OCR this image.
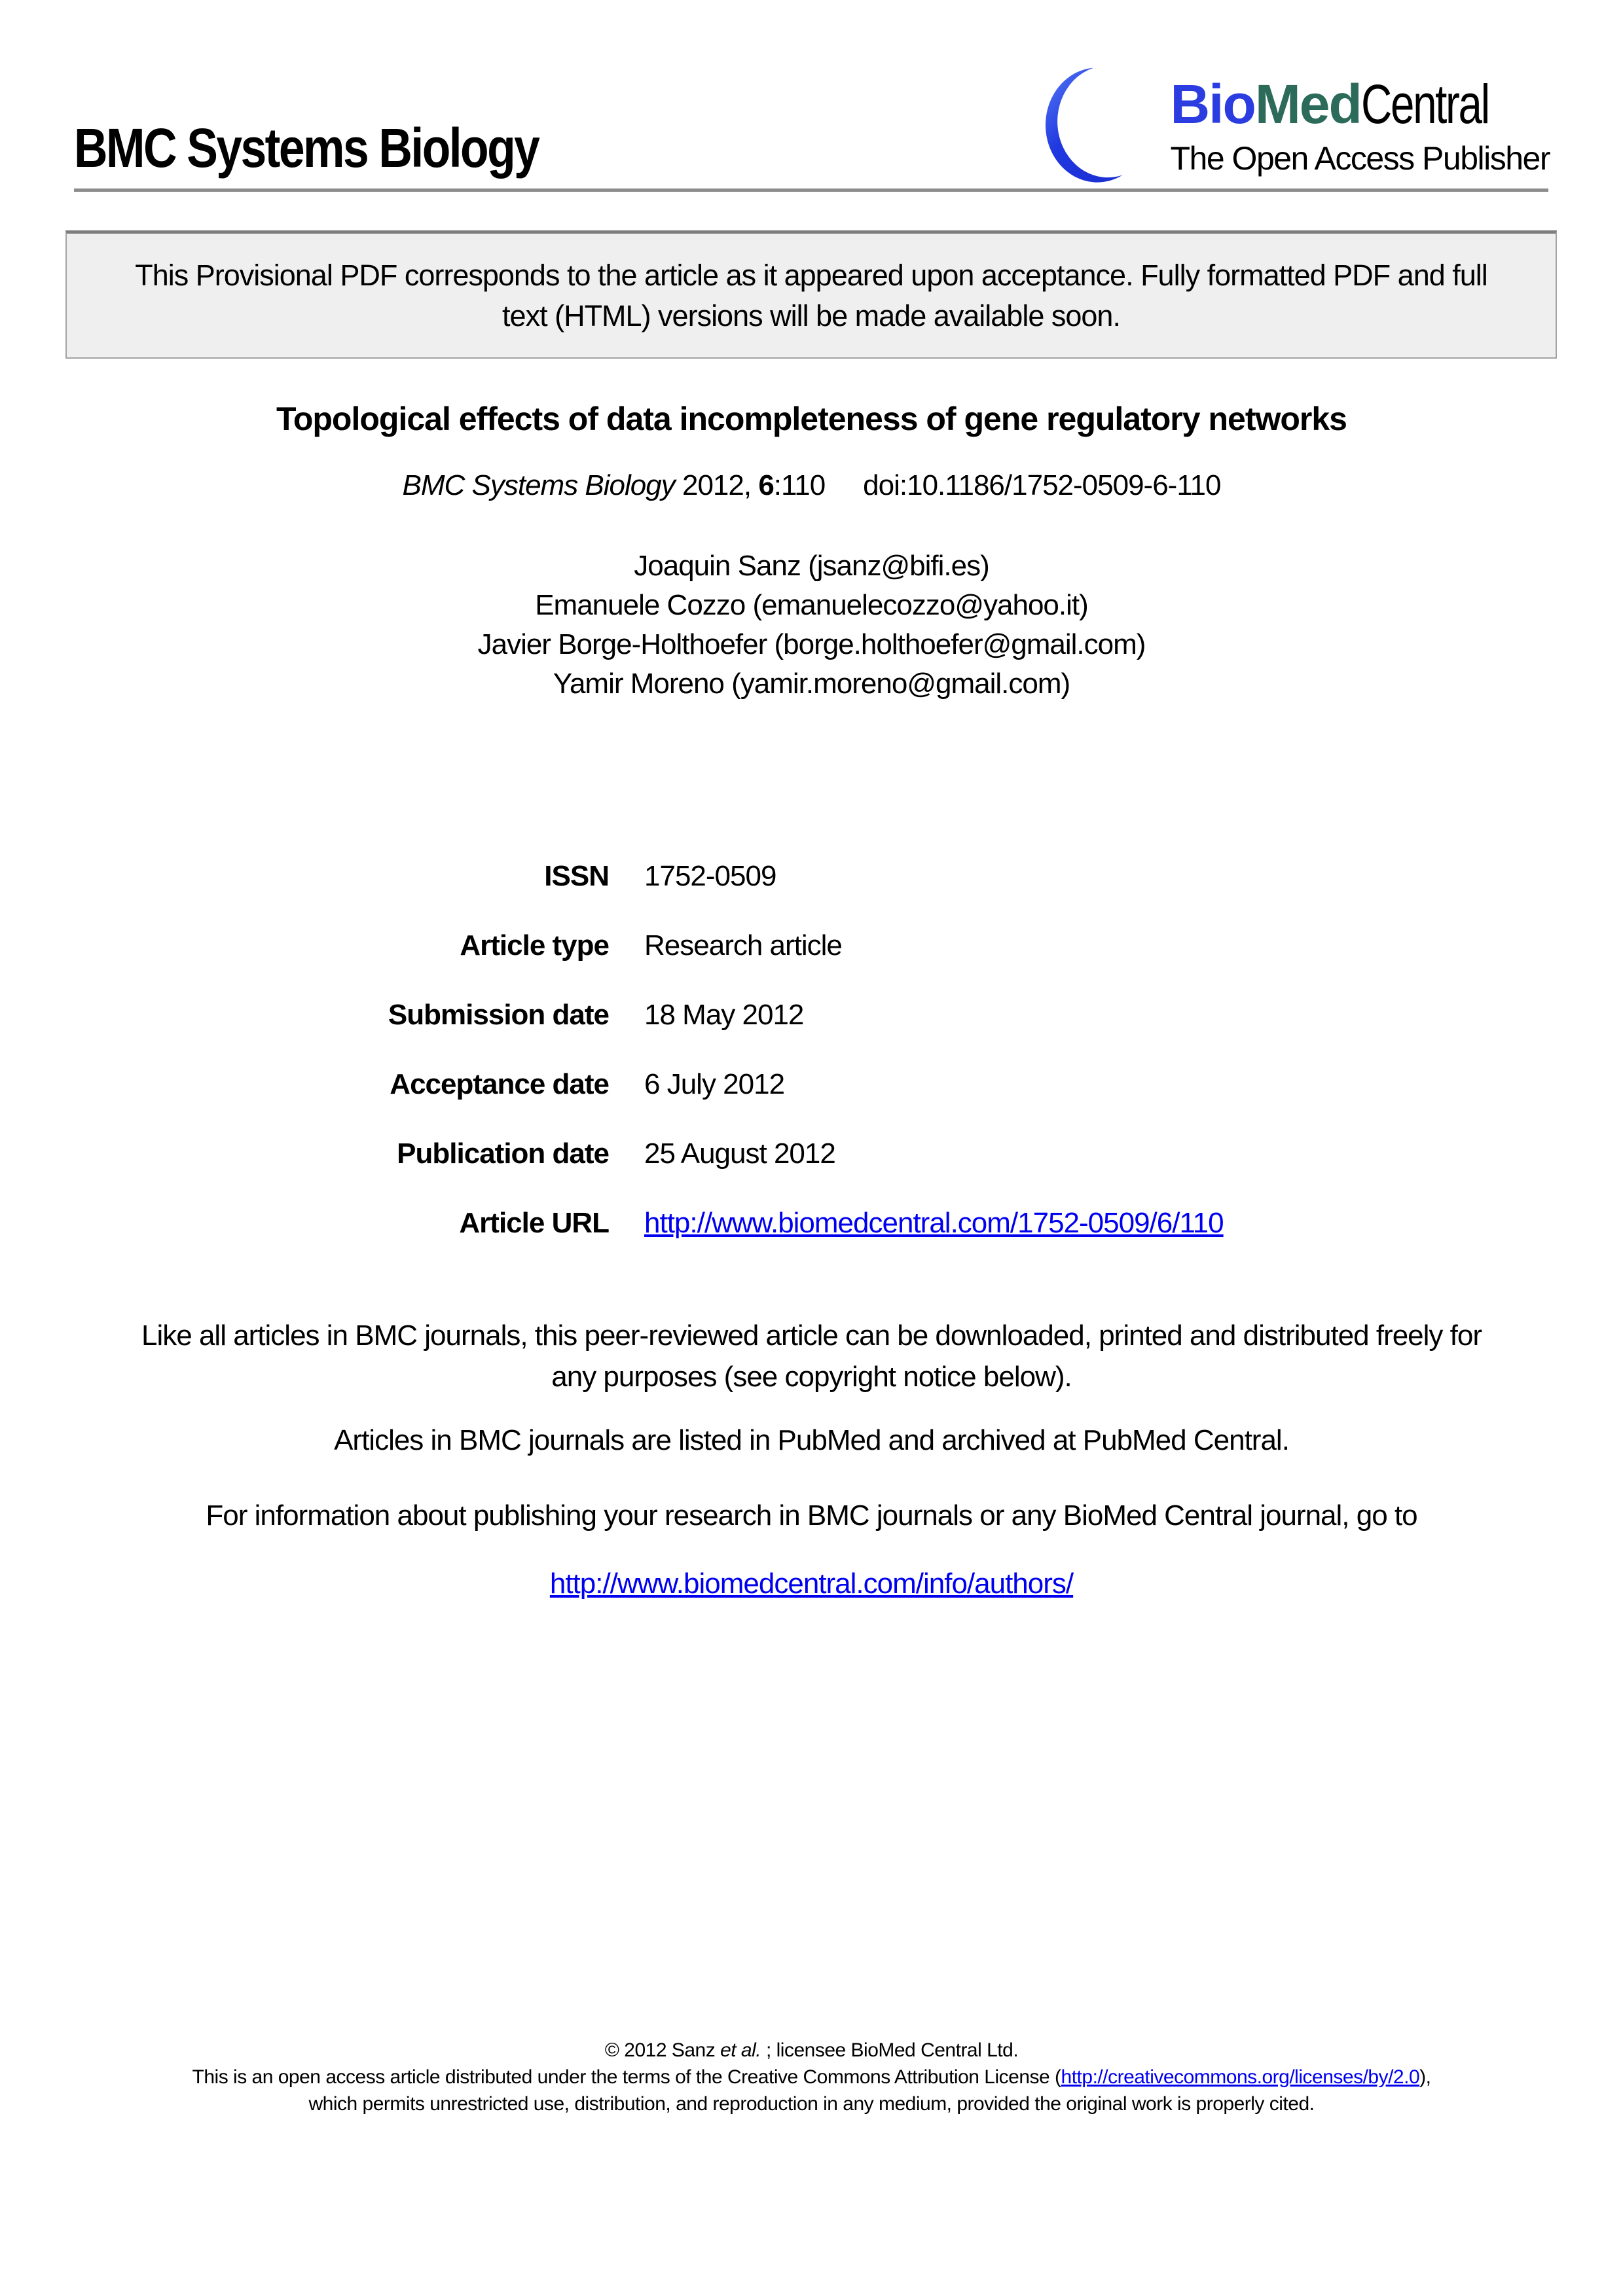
BMC Systems Biology
BioMedCentral
The Open Access Publisher
This Provisional PDF corresponds to the article as it appeared upon acceptance. Fully formatted PDF and full text (HTML) versions will be made available soon.
Topological effects of data incompleteness of gene regulatory networks
BMC Systems Biology 2012, 6:110 doi:10.1186/1752-0509-6-110
Joaquin Sanz (jsanz@bifi.es)
Emanuele Cozzo (emanuelecozzo@yahoo.it)
Javier Borge-Holthoefer (borge.holthoefer@gmail.com)
Yamir Moreno (yamir.moreno@gmail.com)
ISSN 1752-0509
Article type Research article
Submission date 18 May 2012
Acceptance date 6 July 2012
Publication date 25 August 2012
Article URL http://www.biomedcentral.com/1752-0509/6/110

Like all articles in BMC journals, this peer-reviewed article can be downloaded, printed and distributed freely for any purposes (see copyright notice below).

Articles in BMC journals are listed in PubMed and archived at PubMed Central.

For information about publishing your research in BMC journals or any BioMed Central journal, go to

http://www.biomedcentral.com/info/authors/
© 2012 Sanz et al. ; licensee BioMed Central Ltd.
This is an open access article distributed under the terms of the Creative Commons Attribution License (http://creativecommons.org/licenses/by/2.0),
which permits unrestricted use, distribution, and reproduction in any medium, provided the original work is properly cited.
